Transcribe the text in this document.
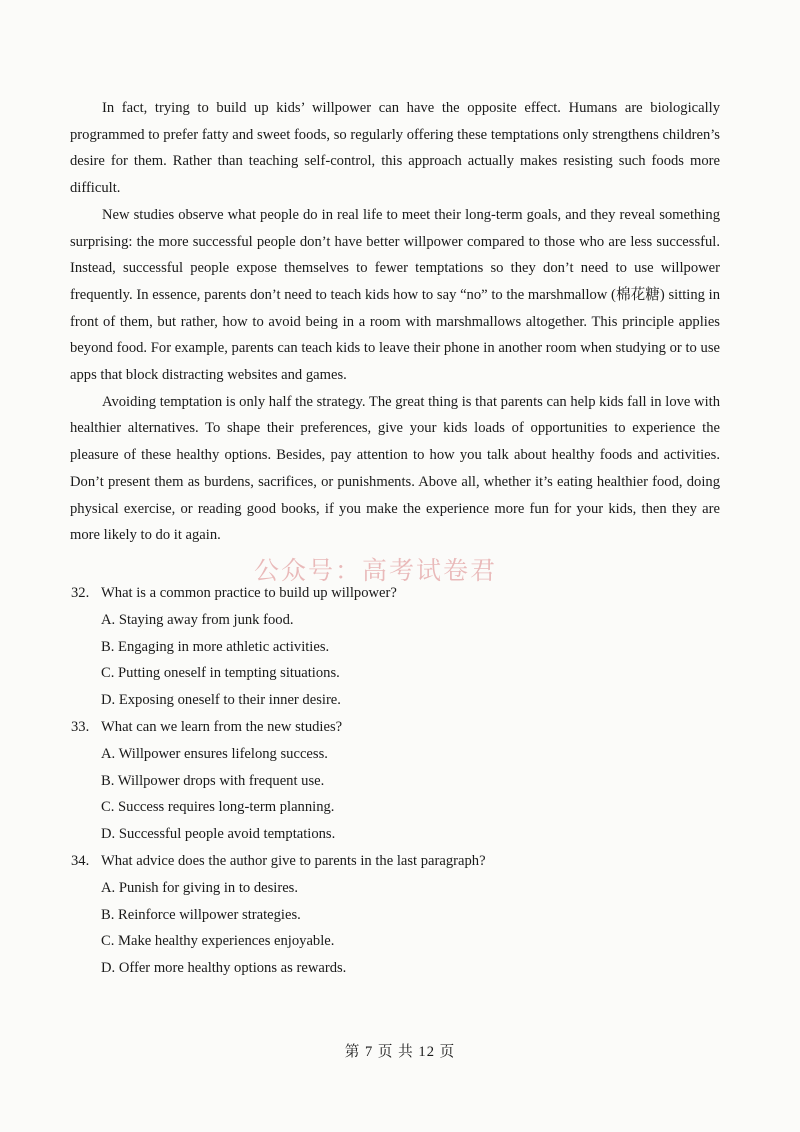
In fact, trying to build up kids’ willpower can have the opposite effect. Humans are biologically programmed to prefer fatty and sweet foods, so regularly offering these temptations only strengthens children’s desire for them. Rather than teaching self-control, this approach actually makes resisting such foods more difficult.

New studies observe what people do in real life to meet their long-term goals, and they reveal something surprising: the more successful people don’t have better willpower compared to those who are less successful. Instead, successful people expose themselves to fewer temptations so they don’t need to use willpower frequently. In essence, parents don’t need to teach kids how to say “no” to the marshmallow (棉花糖) sitting in front of them, but rather, how to avoid being in a room with marshmallows altogether. This principle applies beyond food. For example, parents can teach kids to leave their phone in another room when studying or to use apps that block distracting websites and games.

Avoiding temptation is only half the strategy. The great thing is that parents can help kids fall in love with healthier alternatives. To shape their preferences, give your kids loads of opportunities to experience the pleasure of these healthy options. Besides, pay attention to how you talk about healthy foods and activities. Don’t present them as burdens, sacrifices, or punishments. Above all, whether it’s eating healthier food, doing physical exercise, or reading good books, if you make the experience more fun for your kids, then they are more likely to do it again.

公众号：高考试卷君
32. What is a common practice to build up willpower?
A. Staying away from junk food.
B. Engaging in more athletic activities.
C. Putting oneself in tempting situations.
D. Exposing oneself to their inner desire.
33. What can we learn from the new studies?
A. Willpower ensures lifelong success.
B. Willpower drops with frequent use.
C. Success requires long-term planning.
D. Successful people avoid temptations.
34. What advice does the author give to parents in the last paragraph?
A. Punish for giving in to desires.
B. Reinforce willpower strategies.
C. Make healthy experiences enjoyable.
D. Offer more healthy options as rewards.
第 7 页 共 12 页
